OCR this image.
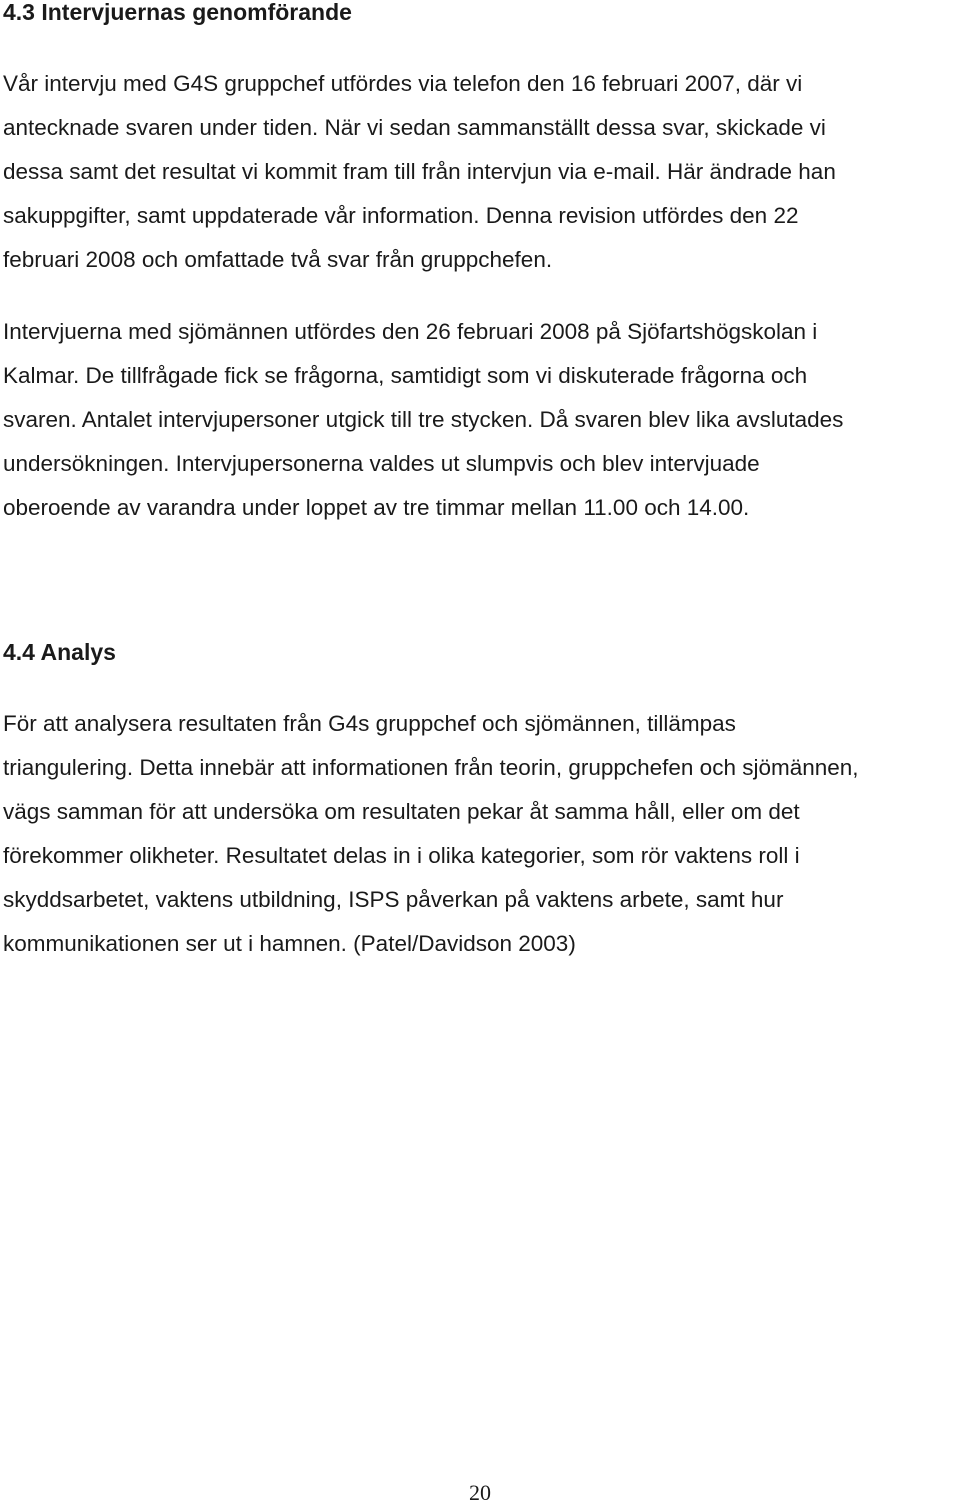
4.3 Intervjuernas genomförande
Vår intervju med G4S gruppchef utfördes via telefon den 16 februari 2007, där vi
antecknade svaren under tiden. När vi sedan sammanställt dessa svar, skickade vi
dessa samt det resultat vi kommit fram till från intervjun via e-mail. Här ändrade han
sakuppgifter, samt uppdaterade vår information. Denna revision utfördes den 22
februari 2008 och omfattade två svar från gruppchefen.
Intervjuerna med sjömännen utfördes den 26 februari 2008 på Sjöfartshögskolan i
Kalmar. De tillfrågade fick se frågorna, samtidigt som vi diskuterade frågorna och
svaren. Antalet intervjupersoner utgick till tre stycken. Då svaren blev lika avslutades
undersökningen. Intervjupersonerna valdes ut slumpvis och blev intervjuade
oberoende av varandra under loppet av tre timmar mellan 11.00 och 14.00.
4.4 Analys
För att analysera resultaten från G4s gruppchef och sjömännen, tillämpas
triangulering. Detta innebär att informationen från teorin, gruppchefen och sjömännen,
vägs samman för att undersöka om resultaten pekar åt samma håll, eller om det
förekommer olikheter. Resultatet delas in i olika kategorier, som rör vaktens roll i
skyddsarbetet, vaktens utbildning, ISPS påverkan på vaktens arbete, samt hur
kommunikationen ser ut i hamnen. (Patel/Davidson 2003)
20
